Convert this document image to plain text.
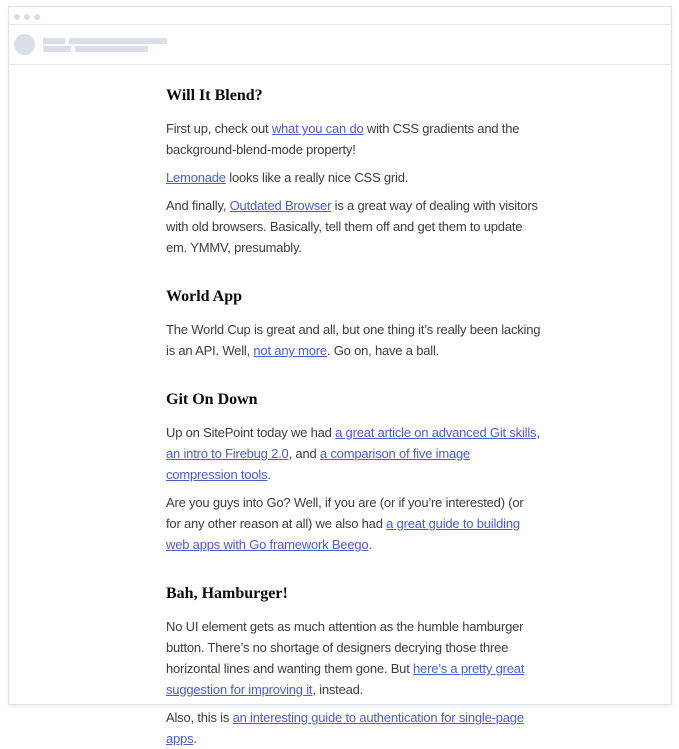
Will It Blend?

First up, check out what you can do with CSS gradients and the background-blend-mode property!

Lemonade looks like a really nice CSS grid.

And finally, Outdated Browser is a great way of dealing with visitors with old browsers. Basically, tell them off and get them to update em. YMMV, presumably.

World App

The World Cup is great and all, but one thing it’s really been lacking is an API. Well, not any more. Go on, have a ball.

Git On Down

Up on SitePoint today we had a great article on advanced Git skills, an intro to Firebug 2.0, and a comparison of five image compression tools.

Are you guys into Go? Well, if you are (or if you’re interested) (or for any other reason at all) we also had a great guide to building web apps with Go framework Beego.

Bah, Hamburger!

No UI element gets as much attention as the humble hamburger button. There’s no shortage of designers decrying those three horizontal lines and wanting them gone. But here’s a pretty great suggestion for improving it, instead.

Also, this is an interesting guide to authentication for single-page apps.
